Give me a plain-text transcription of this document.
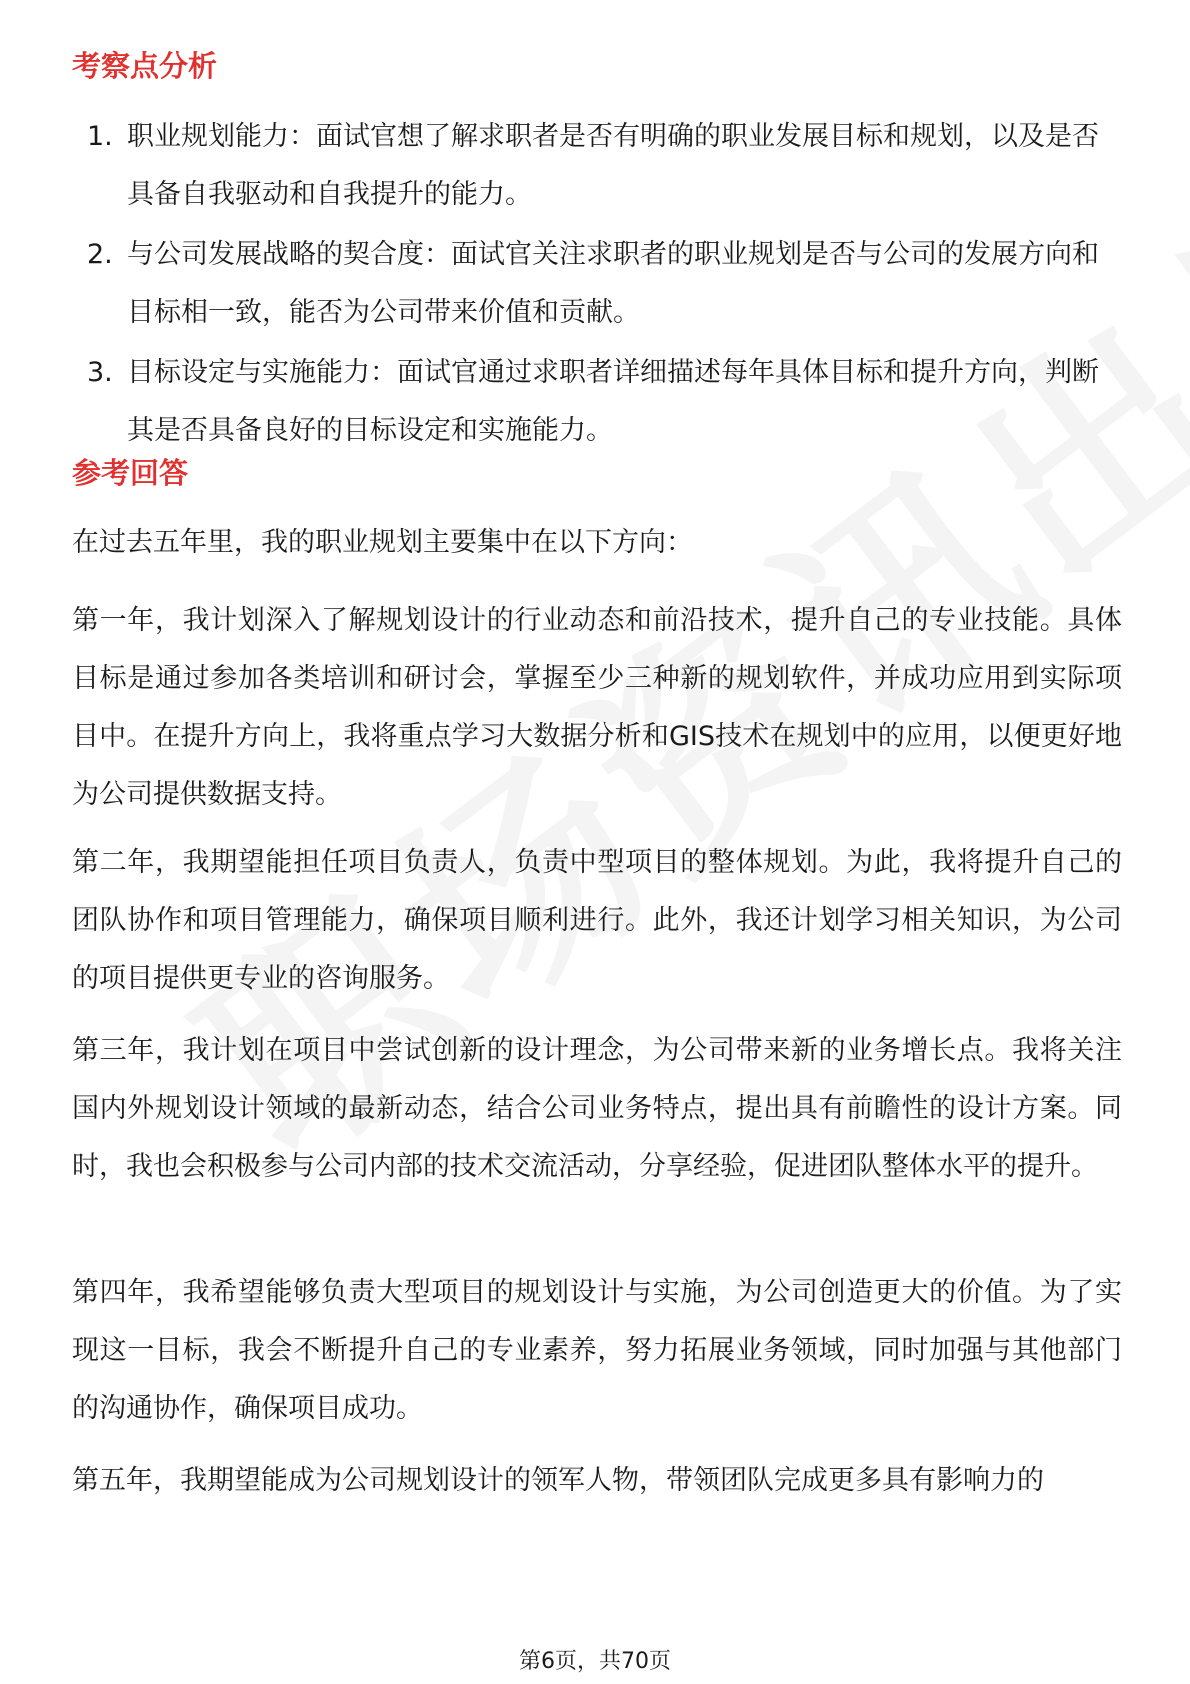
考察点分析
1. 职业规划能力：面试官想了解求职者是否有明确的职业发展目标和规划，以及是否具备自我驱动和自我提升的能力。
2. 与公司发展战略的契合度：面试官关注求职者的职业规划是否与公司的发展方向和目标相一致，能否为公司带来价值和贡献。
3. 目标设定与实施能力：面试官通过求职者详细描述每年具体目标和提升方向，判断其是否具备良好的目标设定和实施能力。
参考回答

在过去五年里，我的职业规划主要集中在以下方向：

第一年，我计划深入了解规划设计的行业动态和前沿技术，提升自己的专业技能。具体目标是通过参加各类培训和研讨会，掌握至少三种新的规划软件，并成功应用到实际项目中。在提升方向上，我将重点学习大数据分析和GIS技术在规划中的应用，以便更好地为公司提供数据支持。

第二年，我期望能担任项目负责人，负责中型项目的整体规划。为此，我将提升自己的团队协作和项目管理能力，确保项目顺利进行。此外，我还计划学习相关知识，为公司的项目提供更专业的咨询服务。

第三年，我计划在项目中尝试创新的设计理念，为公司带来新的业务增长点。我将关注国内外规划设计领域的最新动态，结合公司业务特点，提出具有前瞻性的设计方案。同时，我也会积极参与公司内部的技术交流活动，分享经验，促进团队整体水平的提升。

第四年，我希望能够负责大型项目的规划设计与实施，为公司创造更大的价值。为了实现这一目标，我会不断提升自己的专业素养，努力拓展业务领域，同时加强与其他部门的沟通协作，确保项目成功。

第五年，我期望能成为公司规划设计的领军人物，带领团队完成更多具有影响力的

第6页，共70页
